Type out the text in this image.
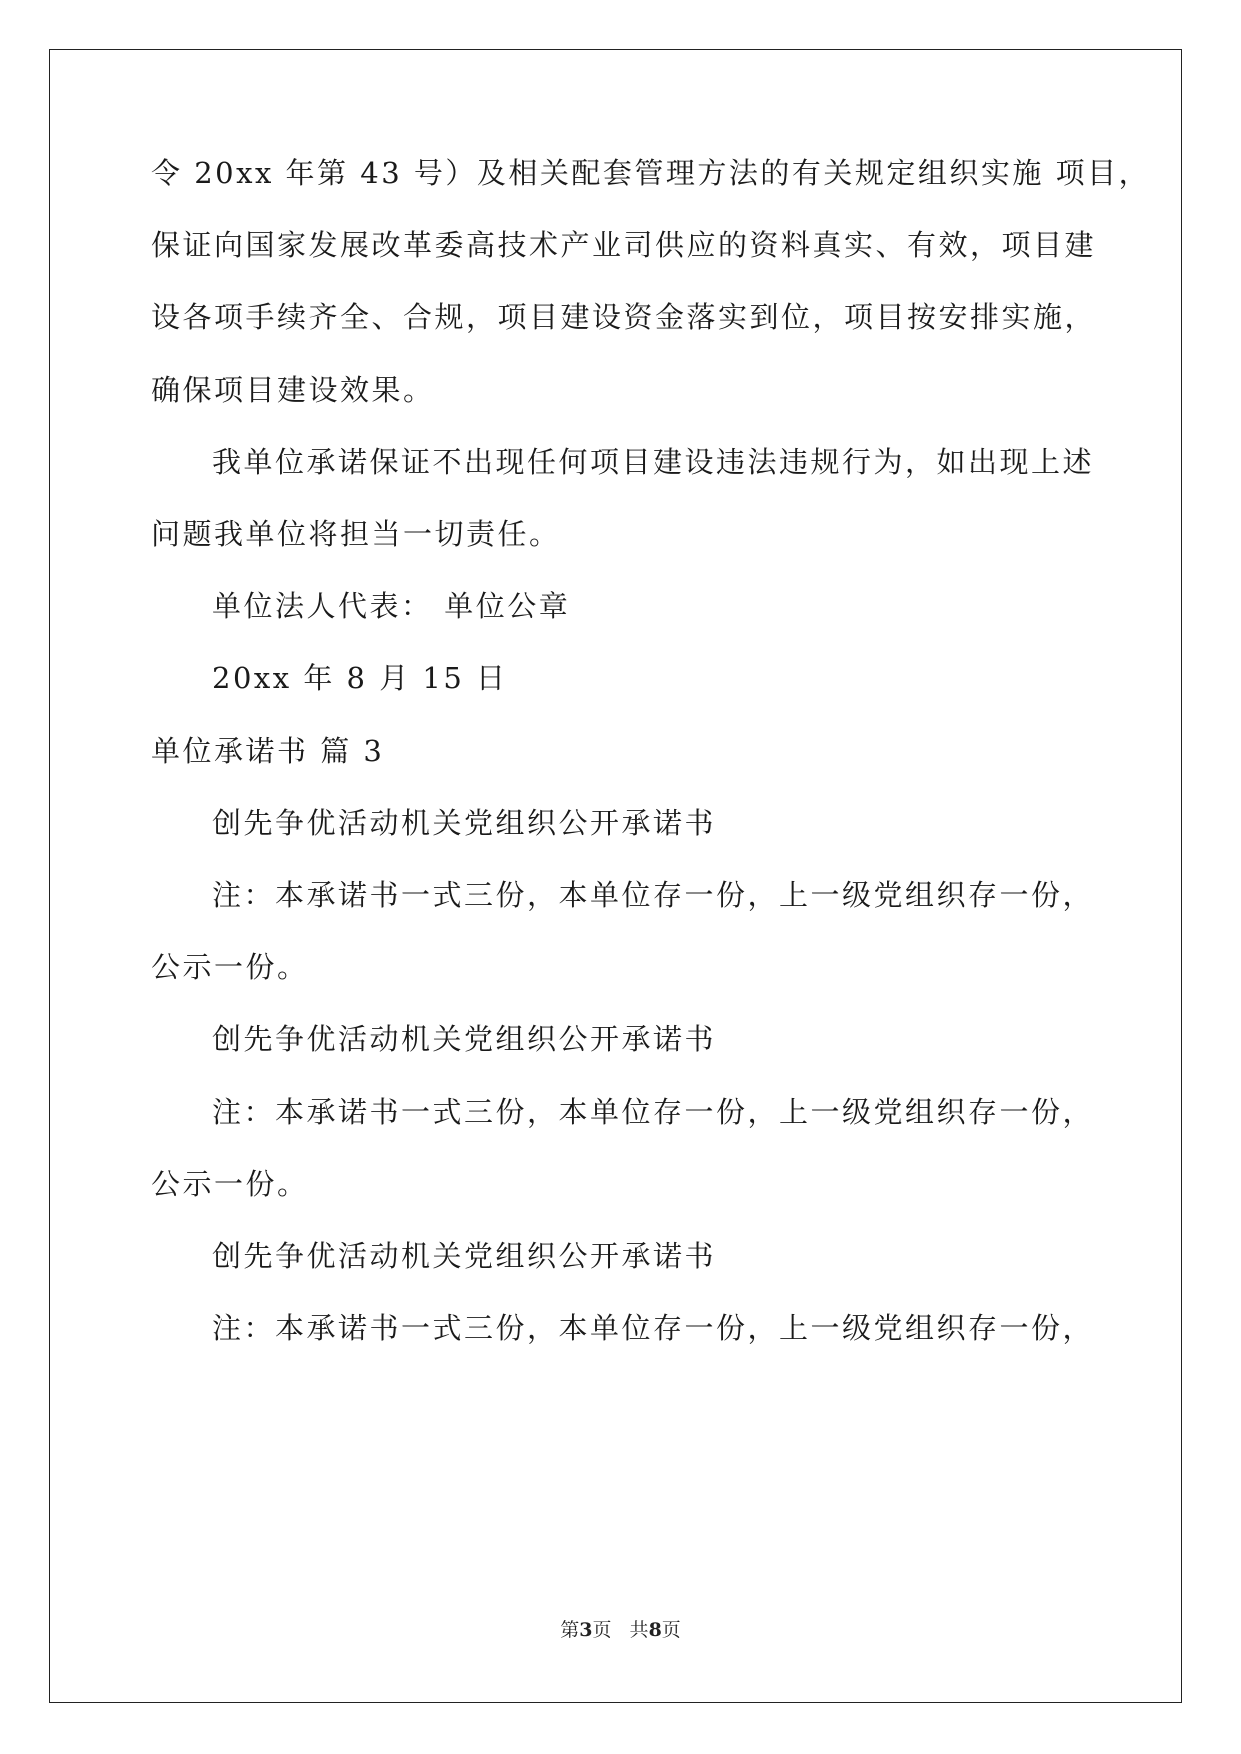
令 20xx 年第 43 号）及相关配套管理方法的有关规定组织实施 项目，
保证向国家发展改革委高技术产业司供应的资料真实、有效，项目建
设各项手续齐全、合规，项目建设资金落实到位，项目按安排实施，
确保项目建设效果。
我单位承诺保证不出现任何项目建设违法违规行为，如出现上述
问题我单位将担当一切责任。
单位法人代表： 单位公章
20xx 年 8 月 15 日
单位承诺书 篇 3
创先争优活动机关党组织公开承诺书
注：本承诺书一式三份，本单位存一份，上一级党组织存一份，
公示一份。
创先争优活动机关党组织公开承诺书
注：本承诺书一式三份，本单位存一份，上一级党组织存一份，
公示一份。
创先争优活动机关党组织公开承诺书
注：本承诺书一式三份，本单位存一份，上一级党组织存一份，
第3页   共8页
